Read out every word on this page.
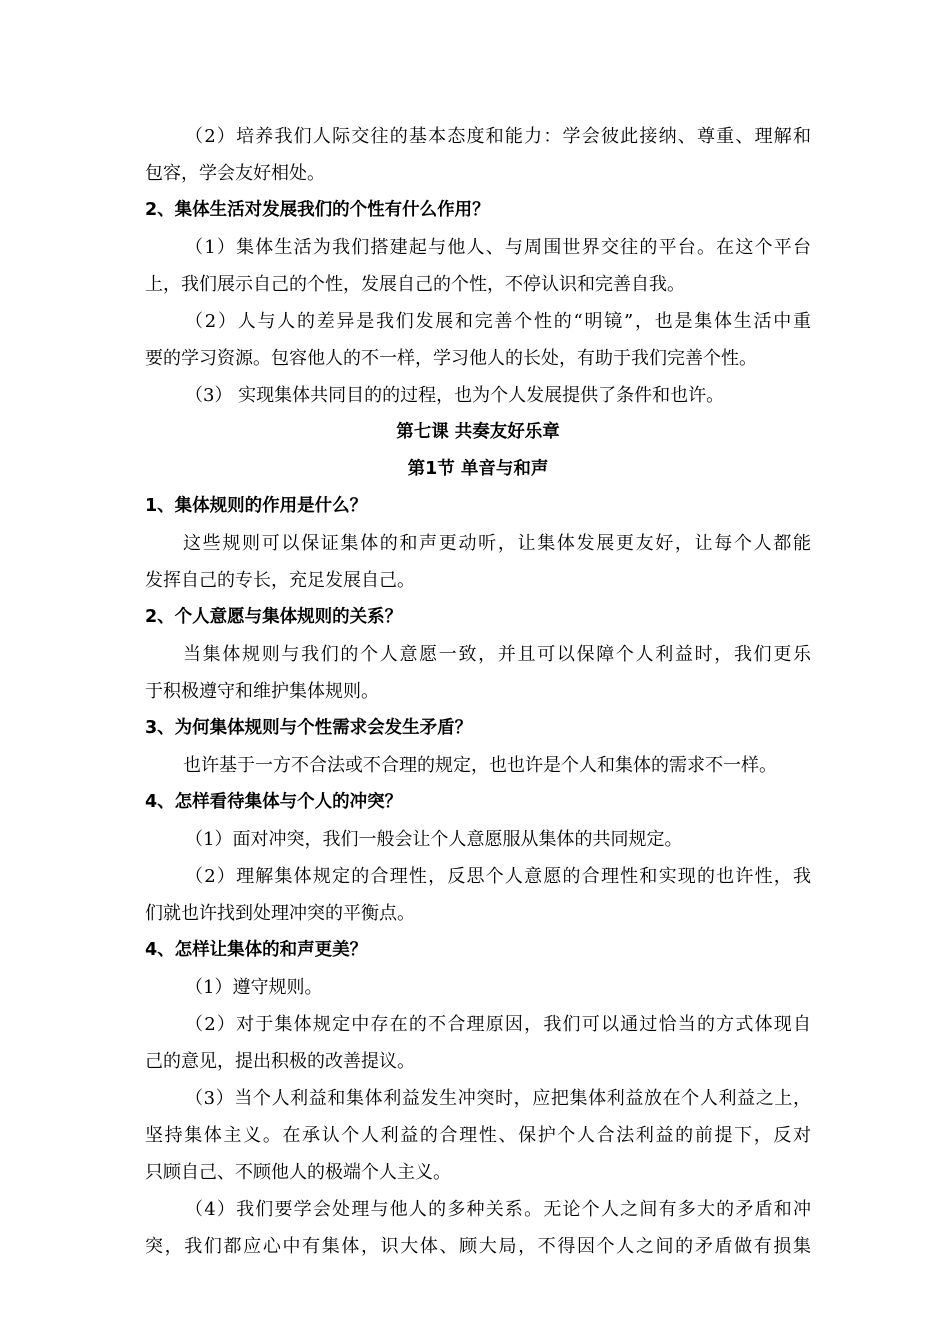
（2）培养我们人际交往的基本态度和能力：学会彼此接纳、尊重、理解和
包容，学会友好相处。
2、集体生活对发展我们的个性有什么作用？
（1）集体生活为我们搭建起与他人、与周围世界交往的平台。在这个平台
上，我们展示自己的个性，发展自己的个性，不停认识和完善自我。
（2）人与人的差异是我们发展和完善个性的“明镜”，也是集体生活中重
要的学习资源。包容他人的不一样，学习他人的长处，有助于我们完善个性。
（3） 实现集体共同目的的过程，也为个人发展提供了条件和也许。
第七课 共奏友好乐章
第1节 单音与和声
1、集体规则的作用是什么？
这些规则可以保证集体的和声更动听，让集体发展更友好，让每个人都能
发挥自己的专长，充足发展自己。
2、个人意愿与集体规则的关系？
当集体规则与我们的个人意愿一致，并且可以保障个人利益时，我们更乐
于积极遵守和维护集体规则。
3、为何集体规则与个性需求会发生矛盾？
也许基于一方不合法或不合理的规定，也也许是个人和集体的需求不一样。
4、怎样看待集体与个人的冲突？
（1）面对冲突，我们一般会让个人意愿服从集体的共同规定。
（2）理解集体规定的合理性，反思个人意愿的合理性和实现的也许性，我
们就也许找到处理冲突的平衡点。
4、怎样让集体的和声更美？
（1）遵守规则。
（2）对于集体规定中存在的不合理原因，我们可以通过恰当的方式体现自
己的意见，提出积极的改善提议。
（3）当个人利益和集体利益发生冲突时，应把集体利益放在个人利益之上，
坚持集体主义。在承认个人利益的合理性、保护个人合法利益的前提下，反对
只顾自己、不顾他人的极端个人主义。
（4）我们要学会处理与他人的多种关系。无论个人之间有多大的矛盾和冲
突，我们都应心中有集体，识大体、顾大局，不得因个人之间的矛盾做有损集
